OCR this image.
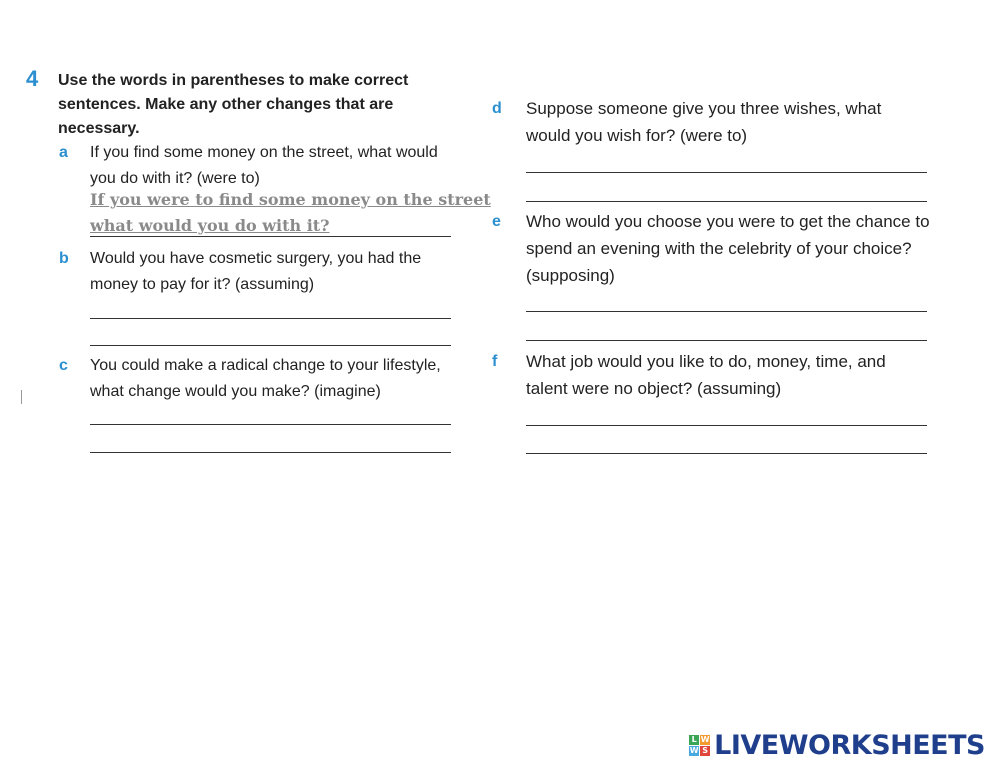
4 Use the words in parentheses to make correct sentences. Make any other changes that are necessary.
a If you find some money on the street, what would you do with it? (were to)
If you were to find some money on the street
what would you do with it?
b Would you have cosmetic surgery, you had the money to pay for it? (assuming)
c You could make a radical change to your lifestyle, what change would you make? (imagine)
d Suppose someone give you three wishes, what would you wish for? (were to)
e Who would you choose you were to get the chance to spend an evening with the celebrity of your choice? (supposing)
f What job would you like to do, money, time, and talent were no object? (assuming)
L W
W S LIVEWORKSHEETS
